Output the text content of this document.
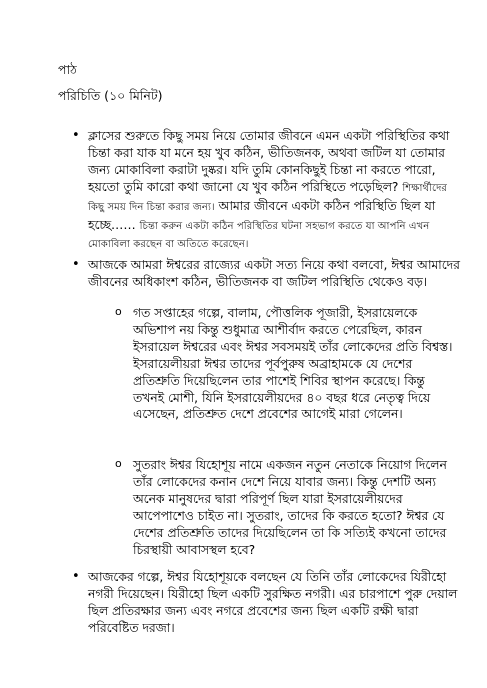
পাঠ
পরিচিতি (১০ মিনিট)
• ক্লাসের শুরুতে কিছু সময় নিয়ে তোমার জীবনে এমন একটা পরিস্থিতির কথা চিন্তা করা যাক যা মনে হয় খুব কঠিন, ভীতিজনক, অথবা জটিল যা তোমার জন্য মোকাবিলা করাটা দুষ্কর। যদি তুমি কোনকিছুই চিন্তা না করতে পারো, হয়তো তুমি কারো কথা জানো যে খুব কঠিন পরিস্থিতে পড়েছিল? শিক্ষার্থীদের কিছু সময় দিন চিন্তা করার জন্য। আমার জীবনে একটা কঠিন পরিস্থিতি ছিল যা হচ্ছে…… চিন্তা করুন একটা কঠিন পরিস্থিতির ঘটনা সহভাগ করতে যা আপনি এখন মোকাবিলা করছেন বা অতিতে করেছেন।
• আজকে আমরা ঈশ্বরের রাজ্যের একটা সত্য নিয়ে কথা বলবো, ঈশ্বর আমাদের জীবনের অধিকাংশ কঠিন, ভীতিজনক বা জটিল পরিস্থিতি থেকেও বড়।
o গত সপ্তাহের গল্পে, বালাম, পৌত্তলিক পূজারী, ইসরায়েলকে অভিশাপ নয় কিন্তু শুধুমাত্র আশীর্বাদ করতে পেরেছিল, কারন ইসরায়েল ঈশ্বরের এবং ঈশ্বর সবসময়ই তাঁর লোকেদের প্রতি বিশ্বস্ত। ইসরায়েলীয়রা ঈশ্বর তাদের পূর্বপুরুষ অব্রাহামকে যে দেশের প্রতিশ্রুতি দিয়েছিলেন তার পাশেই শিবির স্থাপন করেছে। কিন্তু তখনই মোশী, যিনি ইসরায়েলীয়দের ৪০ বছর ধরে নেতৃত্ব দিয়ে এসেছেন, প্রতিশ্রুত দেশে প্রবেশের আগেই মারা গেলেন।
o সুতরাং ঈশ্বর যিহোশূয় নামে একজন নতুন নেতাকে নিয়োগ দিলেন তাঁর লোকেদের কনান দেশে নিয়ে যাবার জন্য। কিন্তু দেশটি অন্য অনেক মানুষদের দ্বারা পরিপূর্ণ ছিল যারা ইসরায়েলীয়দের আপেপাশেও চাইত না। সুতরাং, তাদের কি করতে হতো? ঈশ্বর যে দেশের প্রতিশ্রুতি তাদের দিয়েছিলেন তা কি সত্যিই কখনো তাদের চিরস্থায়ী আবাসস্থল হবে?
• আজকের গল্পে, ঈশ্বর যিহোশূয়কে বলছেন যে তিনি তাঁর লোকেদের যিরীহো নগরী দিয়েছেন। যিরীহো ছিল একটি সুরক্ষিত নগরী। এর চারপাশে পুরু দেয়াল ছিল প্রতিরক্ষার জন্য এবং নগরে প্রবেশের জন্য ছিল একটি রক্ষী দ্বারা পরিবেষ্টিত দরজা।
